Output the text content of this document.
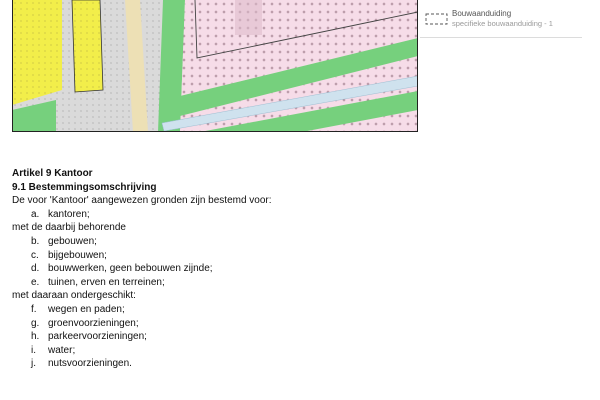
Bouwaanduiding
specifieke bouwaanduiding - 1
Artikel 9 Kantoor
9.1 Bestemmingsomschrijving
De voor 'Kantoor' aangewezen gronden zijn bestemd voor:
a. kantoren;
met de daarbij behorende
b. gebouwen;
c. bijgebouwen;
d. bouwwerken, geen bebouwen zijnde;
e. tuinen, erven en terreinen;
met daaraan ondergeschikt:
f.	wegen en paden;
g. groenvoorzieningen;
h. parkeervoorzieningen;
i.	water;
j.	nutsvoorzieningen.
